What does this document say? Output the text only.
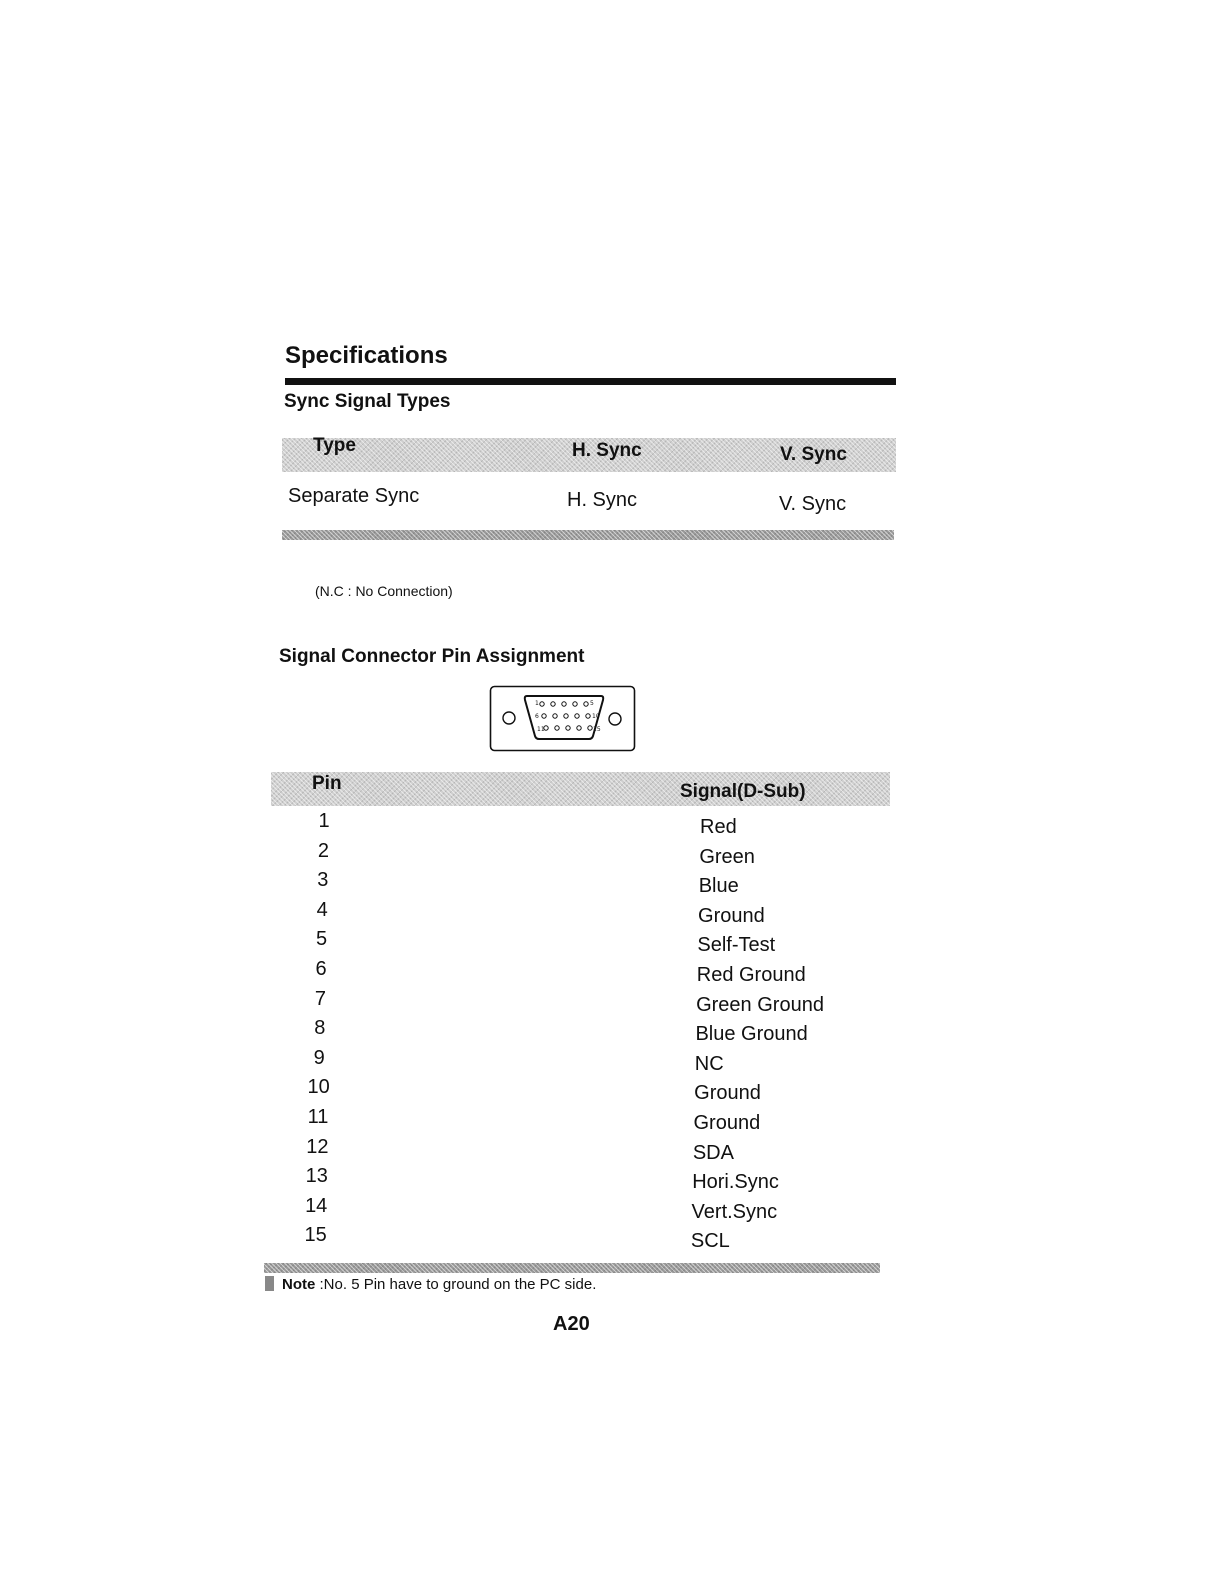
Specifications
Sync Signal Types
Type	H. Sync	V. Sync
Separate Sync	H. Sync	V. Sync
(N.C : No Connection)
Signal Connector Pin Assignment
1	5
6	10
11	15
Pin	Signal(D-Sub)
1	Red
2	Green
3	Blue
4	Ground
5	Self-Test
6	Red Ground
7	Green Ground
8	Blue Ground
9	NC
10	Ground
11	Ground
12	SDA
13	Hori.Sync
14	Vert.Sync
15	SCL
Note :No. 5 Pin have to ground on the PC side.
A20
